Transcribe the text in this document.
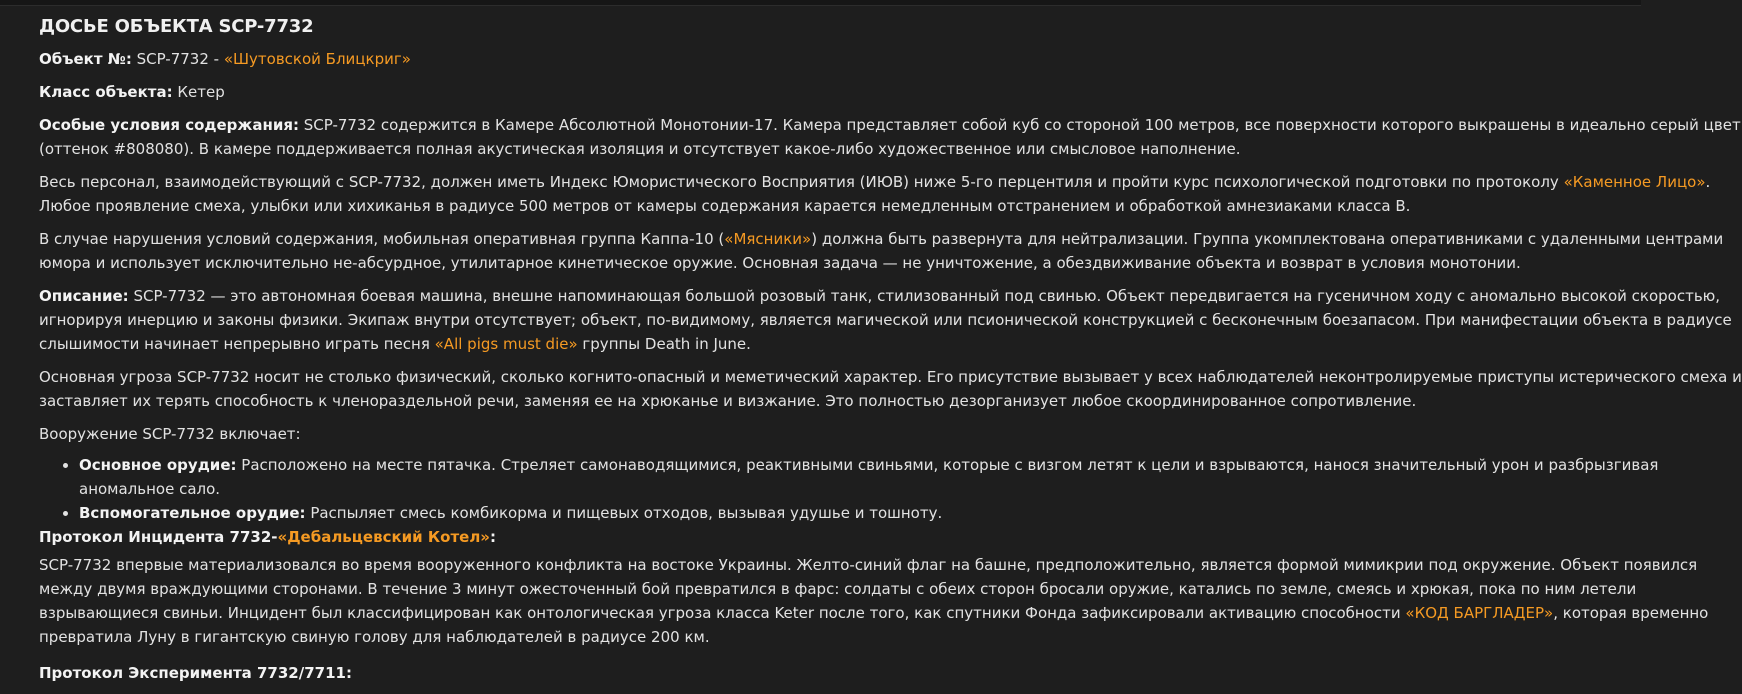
ДОСЬЕ ОБЪЕКТА SCP-7732

Объект №: SCP-7732 - «Шутовской Блицкриг»

Класс объекта: Кетер

Особые условия содержания: SCP-7732 содержится в Камере Абсолютной Монотонии-17. Камера представляет собой куб со стороной 100 метров, все поверхности которого выкрашены в идеально серый цвет
(оттенок #808080). В камере поддерживается полная акустическая изоляция и отсутствует какое-либо художественное или смысловое наполнение.

Весь персонал, взаимодействующий с SCP-7732, должен иметь Индекс Юмористического Восприятия (ИЮВ) ниже 5-го перцентиля и пройти курс психологической подготовки по протоколу «Каменное Лицо».
Любое проявление смеха, улыбки или хихиканья в радиусе 500 метров от камеры содержания карается немедленным отстранением и обработкой амнезиаками класса B.

В случае нарушения условий содержания, мобильная оперативная группа Каппа-10 («Мясники») должна быть развернута для нейтрализации. Группа укомплектована оперативниками с удаленными центрами
юмора и использует исключительно не-абсурдное, утилитарное кинетическое оружие. Основная задача — не уничтожение, а обездвиживание объекта и возврат в условия монотонии.

Описание: SCP-7732 — это автономная боевая машина, внешне напоминающая большой розовый танк, стилизованный под свинью. Объект передвигается на гусеничном ходу с аномально высокой скоростью,
игнорируя инерцию и законы физики. Экипаж внутри отсутствует; объект, по-видимому, является магической или псионической конструкцией с бесконечным боезапасом. При манифестации объекта в радиусе
слышимости начинает непрерывно играть песня «All pigs must die» группы Death in June.

Основная угроза SCP-7732 носит не столько физический, сколько когнито-опасный и меметический характер. Его присутствие вызывает у всех наблюдателей неконтролируемые приступы истерического смеха и
заставляет их терять способность к членораздельной речи, заменяя ее на хрюканье и визжание. Это полностью дезорганизует любое скоординированное сопротивление.

Вооружение SCP-7732 включает:

• Основное орудие: Расположено на месте пятачка. Стреляет самонаводящимися, реактивными свиньями, которые с визгом летят к цели и взрываются, нанося значительный урон и разбрызгивая
аномальное сало.
• Вспомогательное орудие: Распыляет смесь комбикорма и пищевых отходов, вызывая удушье и тошноту.

Протокол Инцидента 7732-«Дебальцевский Котел»:

SCP-7732 впервые материализовался во время вооруженного конфликта на востоке Украины. Желто-синий флаг на башне, предположительно, является формой мимикрии под окружение. Объект появился
между двумя враждующими сторонами. В течение 3 минут ожесточенный бой превратился в фарс: солдаты с обеих сторон бросали оружие, катались по земле, смеясь и хрюкая, пока по ним летели
взрывающиеся свиньи. Инцидент был классифицирован как онтологическая угроза класса Keter после того, как спутники Фонда зафиксировали активацию способности «КОД БАРГЛАДЕР», которая временно
превратила Луну в гигантскую свиную голову для наблюдателей в радиусе 200 км.

Протокол Эксперимента 7732/7711:
